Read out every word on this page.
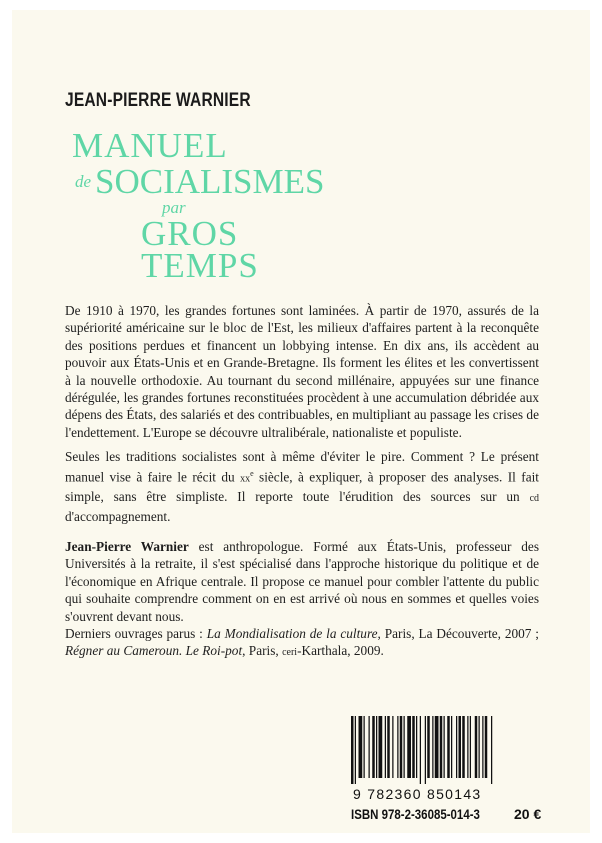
JEAN-PIERRE WARNIER
MANUEL
de SOCIALISMES
par
GROS
TEMPS

De 1910 à 1970, les grandes fortunes sont laminées. À partir de 1970, assurés de la supériorité américaine sur le bloc de l'Est, les milieux d'affaires partent à la reconquête des positions perdues et financent un lobbying intense. En dix ans, ils accèdent au pouvoir aux États-Unis et en Grande-Bretagne. Ils forment les élites et les convertissent à la nouvelle orthodoxie. Au tournant du second millénaire, appuyées sur une finance dérégulée, les grandes fortunes reconstituées procèdent à une accumulation débridée aux dépens des États, des salariés et des contribuables, en multipliant au passage les crises de l'endettement. L'Europe se découvre ultralibérale, nationaliste et populiste.

Seules les traditions socialistes sont à même d'éviter le pire. Comment ? Le présent manuel vise à faire le récit du $xx^e$ siècle, à expliquer, à proposer des analyses. Il fait simple, sans être simpliste. Il reporte toute l'érudition des sources sur un cd d'accompagnement.

Jean-Pierre Warnier est anthropologue. Formé aux États-Unis, professeur des Universités à la retraite, il s'est spécialisé dans l'approche historique du politique et de l'économique en Afrique centrale. Il propose ce manuel pour combler l'attente du public qui souhaite comprendre comment on en est arrivé où nous en sommes et quelles voies s'ouvrent devant nous.
Derniers ouvrages parus : La Mondialisation de la culture, Paris, La Découverte, 2007 ; Régner au Cameroun. Le Roi-pot, Paris, ceri-Karthala, 2009.

9 782360 850143
ISBN 978-2-36085-014-3 20 €
